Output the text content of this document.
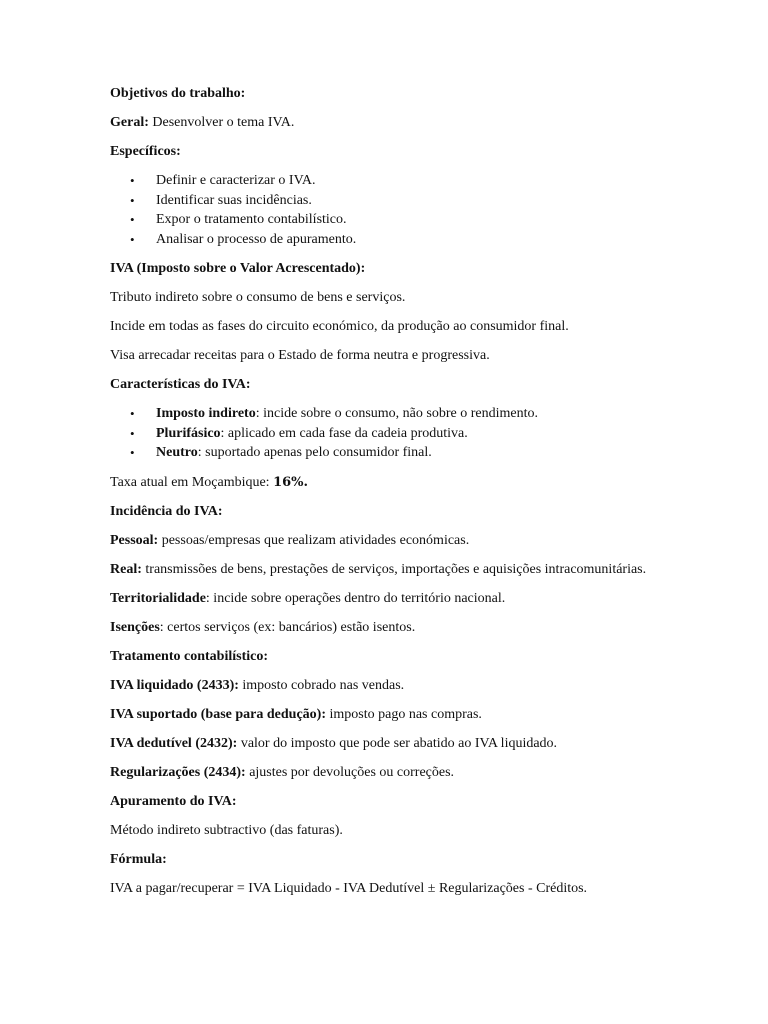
Objetivos do trabalho:

Geral: Desenvolver o tema IVA.

Específicos:

• Definir e caracterizar o IVA.
• Identificar suas incidências.
• Expor o tratamento contabilístico.
• Analisar o processo de apuramento.

IVA (Imposto sobre o Valor Acrescentado):

Tributo indireto sobre o consumo de bens e serviços.

Incide em todas as fases do circuito económico, da produção ao consumidor final.

Visa arrecadar receitas para o Estado de forma neutra e progressiva.

Características do IVA:

• Imposto indireto: incide sobre o consumo, não sobre o rendimento.
• Plurifásico: aplicado em cada fase da cadeia produtiva.
• Neutro: suportado apenas pelo consumidor final.

Taxa atual em Moçambique: 16%.

Incidência do IVA:

Pessoal: pessoas/empresas que realizam atividades económicas.

Real: transmissões de bens, prestações de serviços, importações e aquisições intracomunitárias.

Territorialidade: incide sobre operações dentro do território nacional.

Isenções: certos serviços (ex: bancários) estão isentos.

Tratamento contabilístico:

IVA liquidado (2433): imposto cobrado nas vendas.

IVA suportado (base para dedução): imposto pago nas compras.

IVA dedutível (2432): valor do imposto que pode ser abatido ao IVA liquidado.

Regularizações (2434): ajustes por devoluções ou correções.

Apuramento do IVA:

Método indireto subtractivo (das faturas).

Fórmula:

IVA a pagar/recuperar = IVA Liquidado - IVA Dedutível ± Regularizações - Créditos.
